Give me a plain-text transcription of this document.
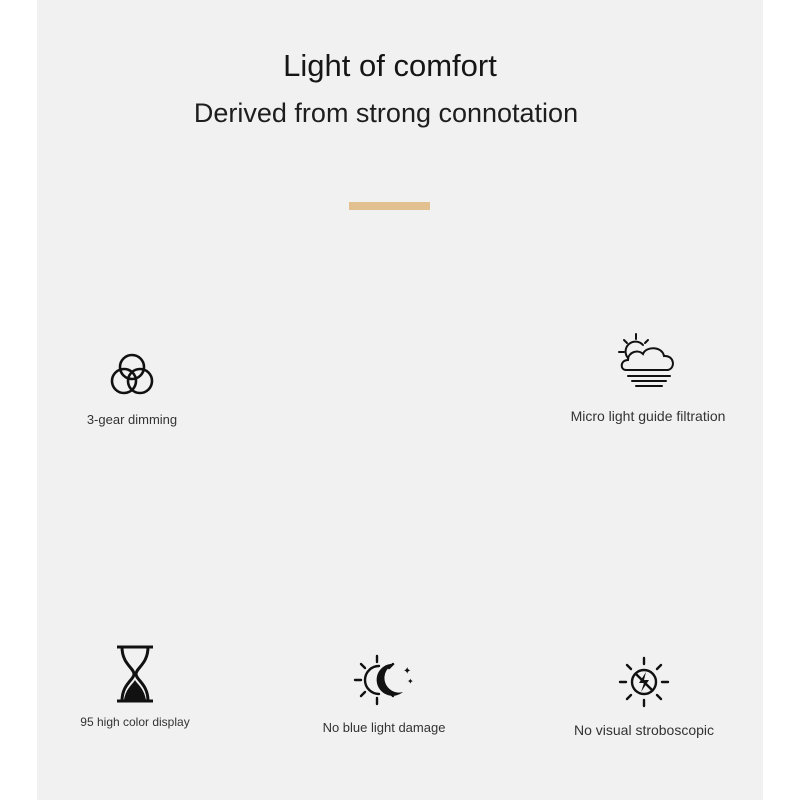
Light of comfort
Derived from strong connotation
3-gear dimming	Micro light guide filtration
95 high color display
✦
✦
No blue light damage	No visual stroboscopic
